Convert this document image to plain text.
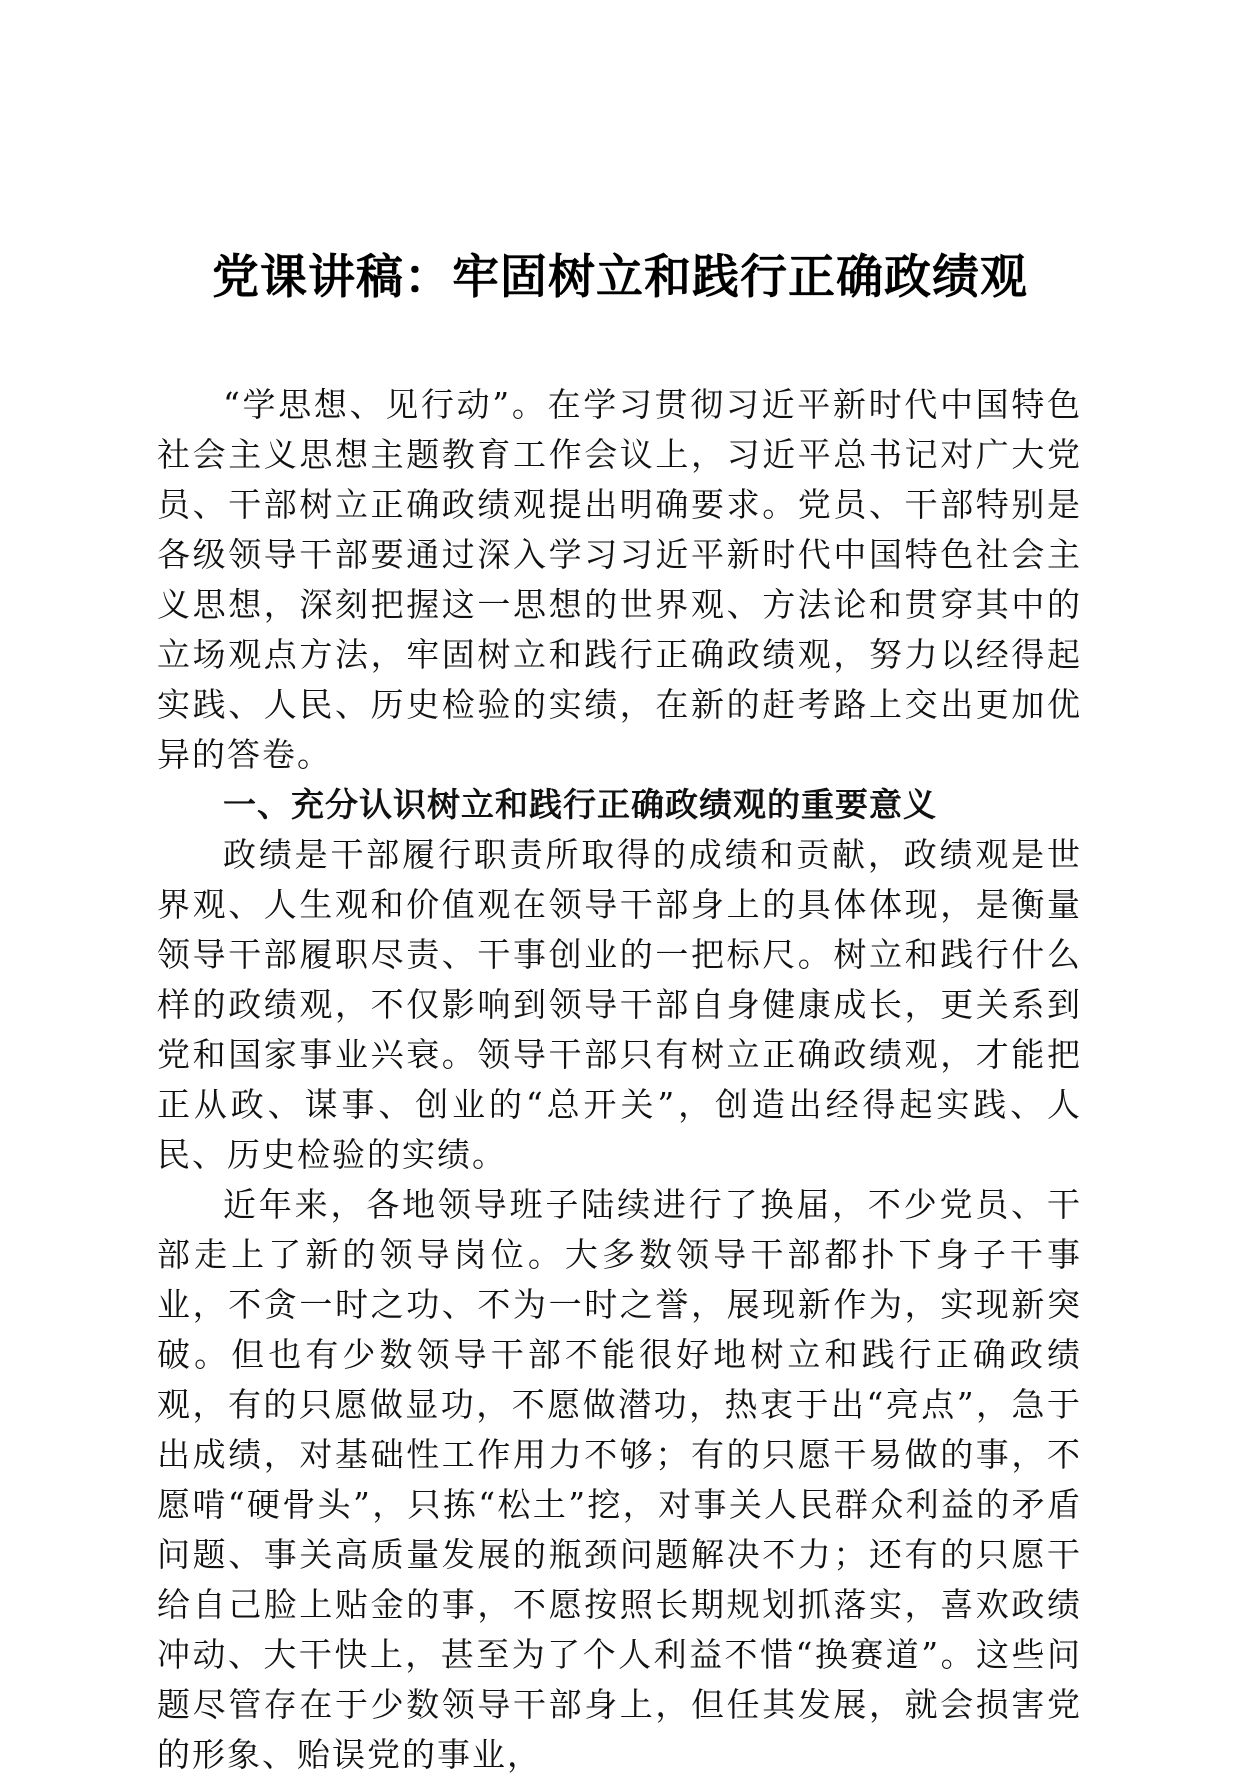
党课讲稿：牢固树立和践行正确政绩观

“学思想、见行动”。在学习贯彻习近平新时代中国特色社会主义思想主题教育工作会议上，习近平总书记对广大党员、干部树立正确政绩观提出明确要求。党员、干部特别是各级领导干部要通过深入学习习近平新时代中国特色社会主义思想，深刻把握这一思想的世界观、方法论和贯穿其中的立场观点方法，牢固树立和践行正确政绩观，努力以经得起实践、人民、历史检验的实绩，在新的赶考路上交出更加优异的答卷。

一、充分认识树立和践行正确政绩观的重要意义

政绩是干部履行职责所取得的成绩和贡献，政绩观是世界观、人生观和价值观在领导干部身上的具体体现，是衡量领导干部履职尽责、干事创业的一把标尺。树立和践行什么样的政绩观，不仅影响到领导干部自身健康成长，更关系到党和国家事业兴衰。领导干部只有树立正确政绩观，才能把正从政、谋事、创业的“总开关”，创造出经得起实践、人民、历史检验的实绩。

近年来，各地领导班子陆续进行了换届，不少党员、干部走上了新的领导岗位。大多数领导干部都扑下身子干事业，不贪一时之功、不为一时之誉，展现新作为，实现新突破。但也有少数领导干部不能很好地树立和践行正确政绩观，有的只愿做显功，不愿做潜功，热衷于出“亮点”，急于出成绩，对基础性工作用力不够；有的只愿干易做的事，不愿啃“硬骨头”，只拣“松土”挖，对事关人民群众利益的矛盾问题、事关高质量发展的瓶颈问题解决不力；还有的只愿干给自己脸上贴金的事，不愿按照长期规划抓落实，喜欢政绩冲动、大干快上，甚至为了个人利益不惜“换赛道”。这些问题尽管存在于少数领导干部身上，但任其发展，就会损害党的形象、贻误党的事业，
